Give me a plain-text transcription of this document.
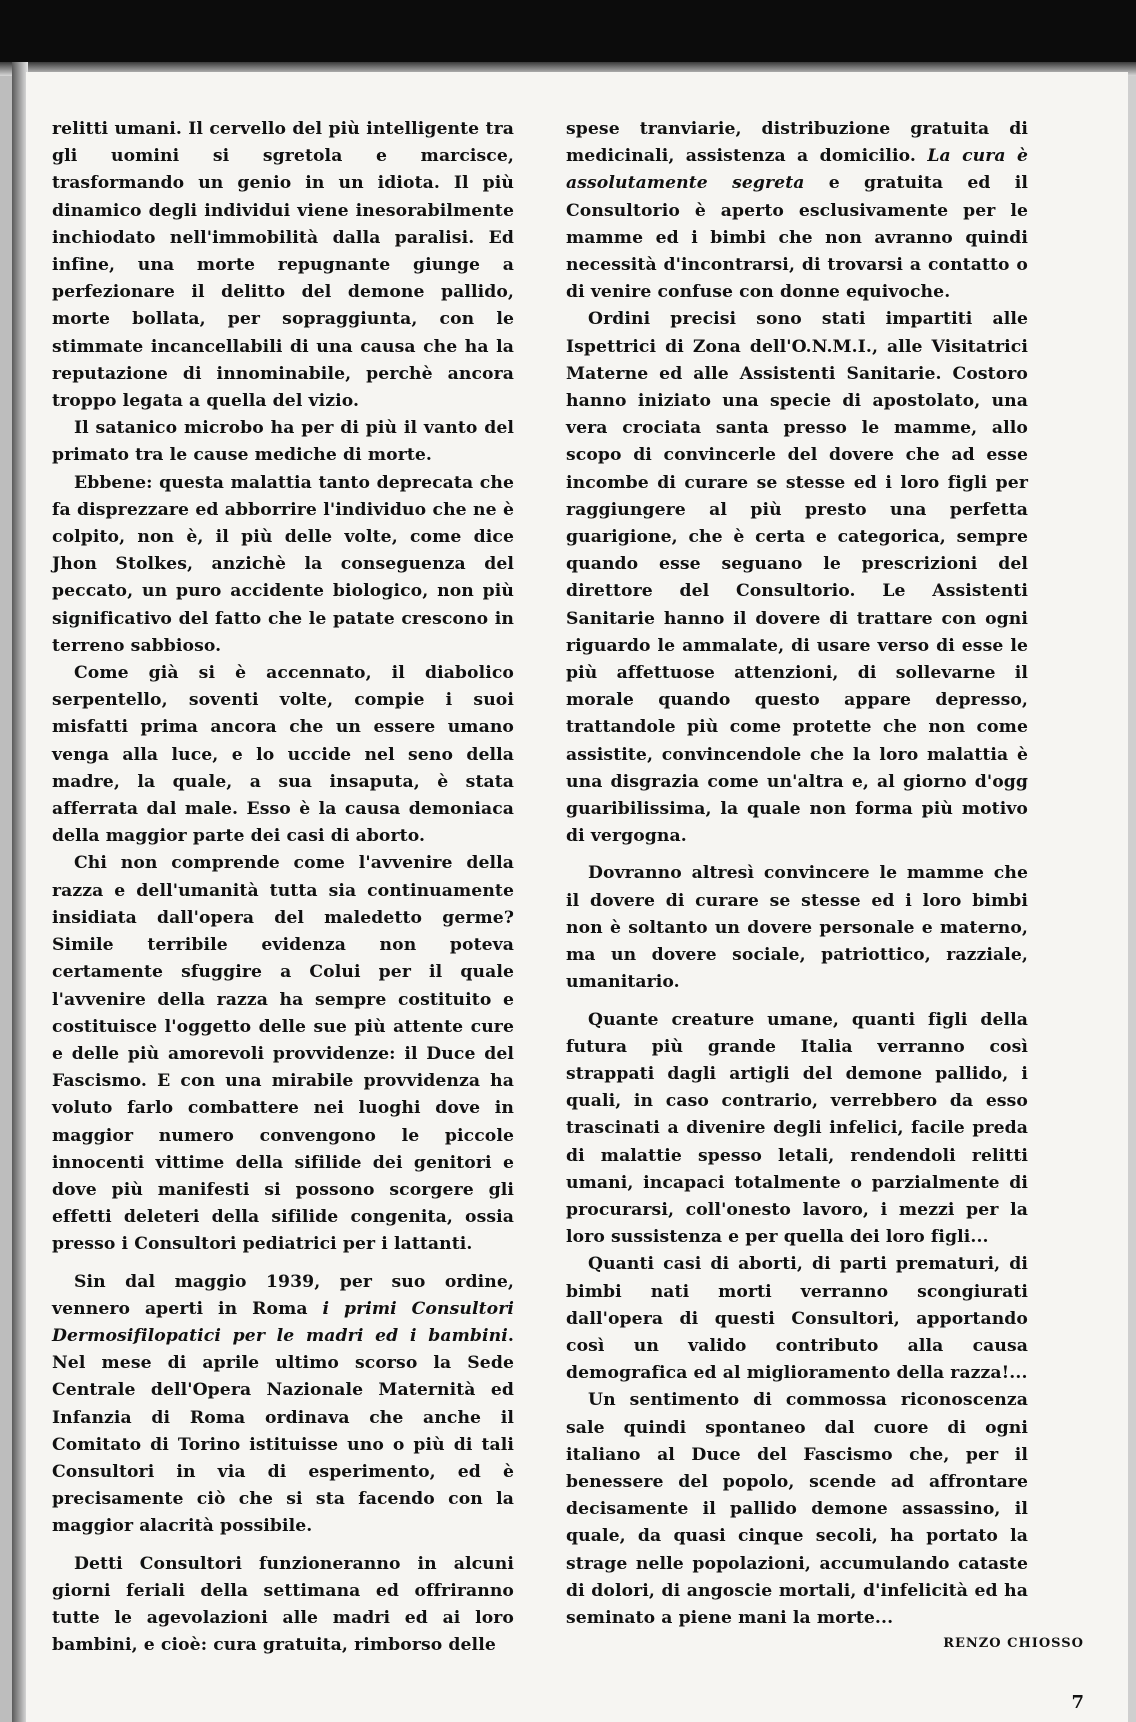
relitti umani. Il cervello del più intelligente tra gli uomini si sgretola e marcisce, trasformando un genio in un idiota. Il più dinamico degli individui viene inesorabilmente inchiodato nell'immobilità dalla paralisi. Ed infine, una morte repugnante giunge a perfezionare il delitto del demone pallido, morte bollata, per sopraggiunta, con le stimmate incancellabili di una causa che ha la reputazione di innominabile, perchè ancora troppo legata a quella del vizio.

Il satanico microbo ha per di più il vanto del primato tra le cause mediche di morte.

Ebbene: questa malattia tanto deprecata che fa disprezzare ed abborrire l'individuo che ne è colpito, non è, il più delle volte, come dice Jhon Stolkes, anzichè la conseguenza del peccato, un puro accidente biologico, non più significativo del fatto che le patate crescono in terreno sabbioso.

Come già si è accennato, il diabolico serpentello, soventi volte, compie i suoi misfatti prima ancora che un essere umano venga alla luce, e lo uccide nel seno della madre, la quale, a sua insaputa, è stata afferrata dal male. Esso è la causa demoniaca della maggior parte dei casi di aborto.

Chi non comprende come l'avvenire della razza e dell'umanità tutta sia continuamente insidiata dall'opera del maledetto germe? Simile terribile evidenza non poteva certamente sfuggire a Colui per il quale l'avvenire della razza ha sempre costituito e costituisce l'oggetto delle sue più attente cure e delle più amorevoli provvidenze: il Duce del Fascismo. E con una mirabile provvidenza ha voluto farlo combattere nei luoghi dove in maggior numero convengono le piccole innocenti vittime della sifilide dei genitori e dove più manifesti si possono scorgere gli effetti deleteri della sifilide congenita, ossia presso i Consultori pediatrici per i lattanti.

Sin dal maggio 1939, per suo ordine, vennero aperti in Roma i primi Consultori Dermosifilopatici per le madri ed i bambini. Nel mese di aprile ultimo scorso la Sede Centrale dell'Opera Nazionale Maternità ed Infanzia di Roma ordinava che anche il Comitato di Torino istituisse uno o più di tali Consultori in via di esperimento, ed è precisamente ciò che si sta facendo con la maggior alacrità possibile.

Detti Consultori funzioneranno in alcuni giorni feriali della settimana ed offriranno tutte le agevolazioni alle madri ed ai loro bambini, e cioè: cura gratuita, rimborso delle

spese tranviarie, distribuzione gratuita di medicinali, assistenza a domicilio. La cura è assolutamente segreta e gratuita ed il Consultorio è aperto esclusivamente per le mamme ed i bimbi che non avranno quindi necessità d'incontrarsi, di trovarsi a contatto o di venire confuse con donne equivoche.

Ordini precisi sono stati impartiti alle Ispettrici di Zona dell'O.N.M.I., alle Visitatrici Materne ed alle Assistenti Sanitarie. Costoro hanno iniziato una specie di apostolato, una vera crociata santa presso le mamme, allo scopo di convincerle del dovere che ad esse incombe di curare se stesse ed i loro figli per raggiungere al più presto una perfetta guarigione, che è certa e categorica, sempre quando esse seguano le prescrizioni del direttore del Consultorio. Le Assistenti Sanitarie hanno il dovere di trattare con ogni riguardo le ammalate, di usare verso di esse le più affettuose attenzioni, di sollevarne il morale quando questo appare depresso, trattandole più come protette che non come assistite, convincendole che la loro malattia è una disgrazia come un'altra e, al giorno d'ogg guaribilissima, la quale non forma più motivo di vergogna.

Dovranno altresì convincere le mamme che il dovere di curare se stesse ed i loro bimbi non è soltanto un dovere personale e materno, ma un dovere sociale, patriottico, razziale, umanitario.

Quante creature umane, quanti figli della futura più grande Italia verranno così strappati dagli artigli del demone pallido, i quali, in caso contrario, verrebbero da esso trascinati a divenire degli infelici, facile preda di malattie spesso letali, rendendoli relitti umani, incapaci totalmente o parzialmente di procurarsi, coll'onesto lavoro, i mezzi per la loro sussistenza e per quella dei loro figli...

Quanti casi di aborti, di parti prematuri, di bimbi nati morti verranno scongiurati dall'opera di questi Consultori, apportando così un valido contributo alla causa demografica ed al miglioramento della razza!...

Un sentimento di commossa riconoscenza sale quindi spontaneo dal cuore di ogni italiano al Duce del Fascismo che, per il benessere del popolo, scende ad affrontare decisamente il pallido demone assassino, il quale, da quasi cinque secoli, ha portato la strage nelle popolazioni, accumulando cataste di dolori, di angoscie mortali, d'infelicità ed ha seminato a piene mani la morte...

RENZO CHIOSSO
7
